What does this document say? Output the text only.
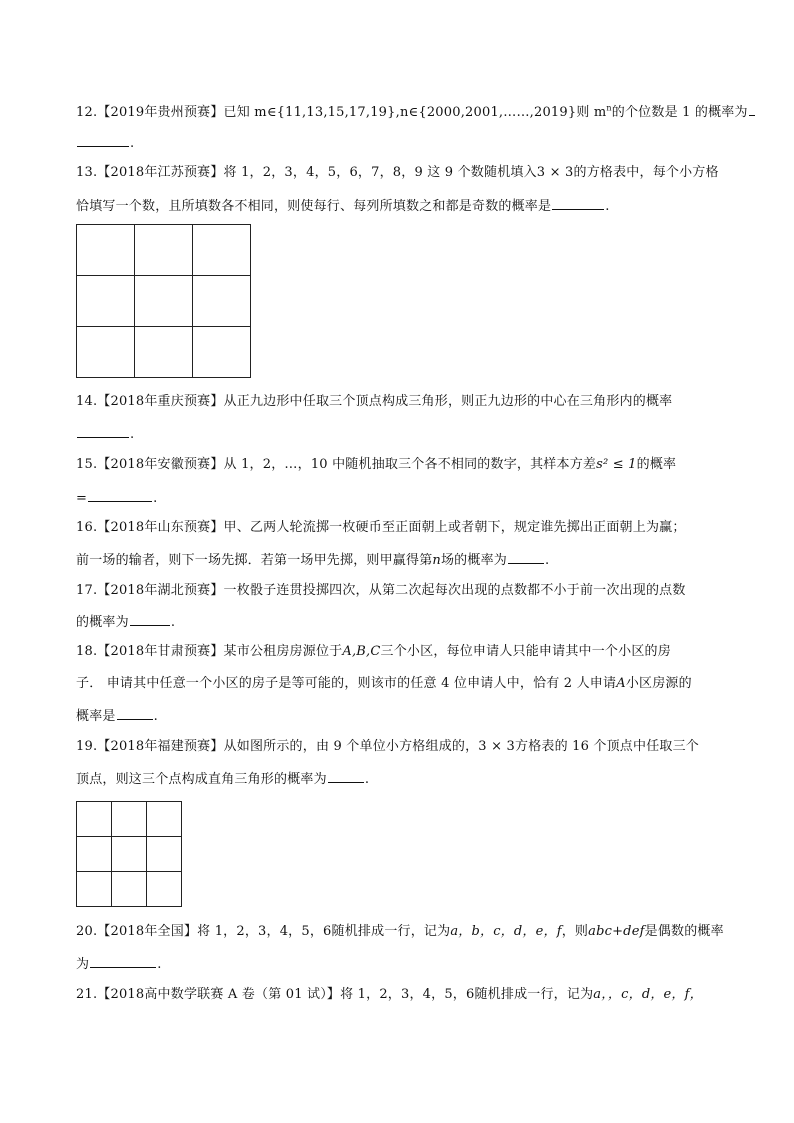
12.【2019年贵州预赛】已知 m∈{11,13,15,17,19},n∈{2000,2001,……,2019}则 $m^n$的个位数是 1 的概率为
.
13.【2018年江苏预赛】将 1，2，3，4，5，6，7，8，9 这 9 个数随机填入3 × 3的方格表中，每个小方格
恰填写一个数，且所填数各不相同，则使每行、每列所填数之和都是奇数的概率是	.
14.【2018年重庆预赛】从正九边形中任取三个顶点构成三角形，则正九边形的中心在三角形内的概率
.
15.【2018年安徽预赛】从 1，2，…，10 中随机抽取三个各不相同的数字，其样本方差s² ≤ 1的概率
=	.
16.【2018年山东预赛】甲、乙两人轮流掷一枚硬币至正面朝上或者朝下，规定谁先掷出正面朝上为赢；
前一场的输者，则下一场先掷．若第一场甲先掷，则甲赢得第n场的概率为	.
17.【2018年湖北预赛】一枚骰子连贯投掷四次，从第二次起每次出现的点数都不小于前一次出现的点数
的概率为	.
18.【2018年甘肃预赛】某市公租房房源位于A,B,C三个小区，每位申请人只能申请其中一个小区的房
子． 申请其中任意一个小区的房子是等可能的，则该市的任意 4 位申请人中，恰有 2 人申请A小区房源的
概率是	.
19.【2018年福建预赛】从如图所示的，由 9 个单位小方格组成的，3 × 3方格表的 16 个顶点中任取三个
顶点，则这三个点构成直角三角形的概率为	.
20.【2018年全国】将 1，2，3，4，5，6随机排成一行，记为a，b，c，d，e，f，则abc+def是偶数的概率
为	.
21.【2018高中数学联赛 A 卷（第 01 试）】将 1，2，3，4，5，6随机排成一行，记为a，，c，d，e，f，
